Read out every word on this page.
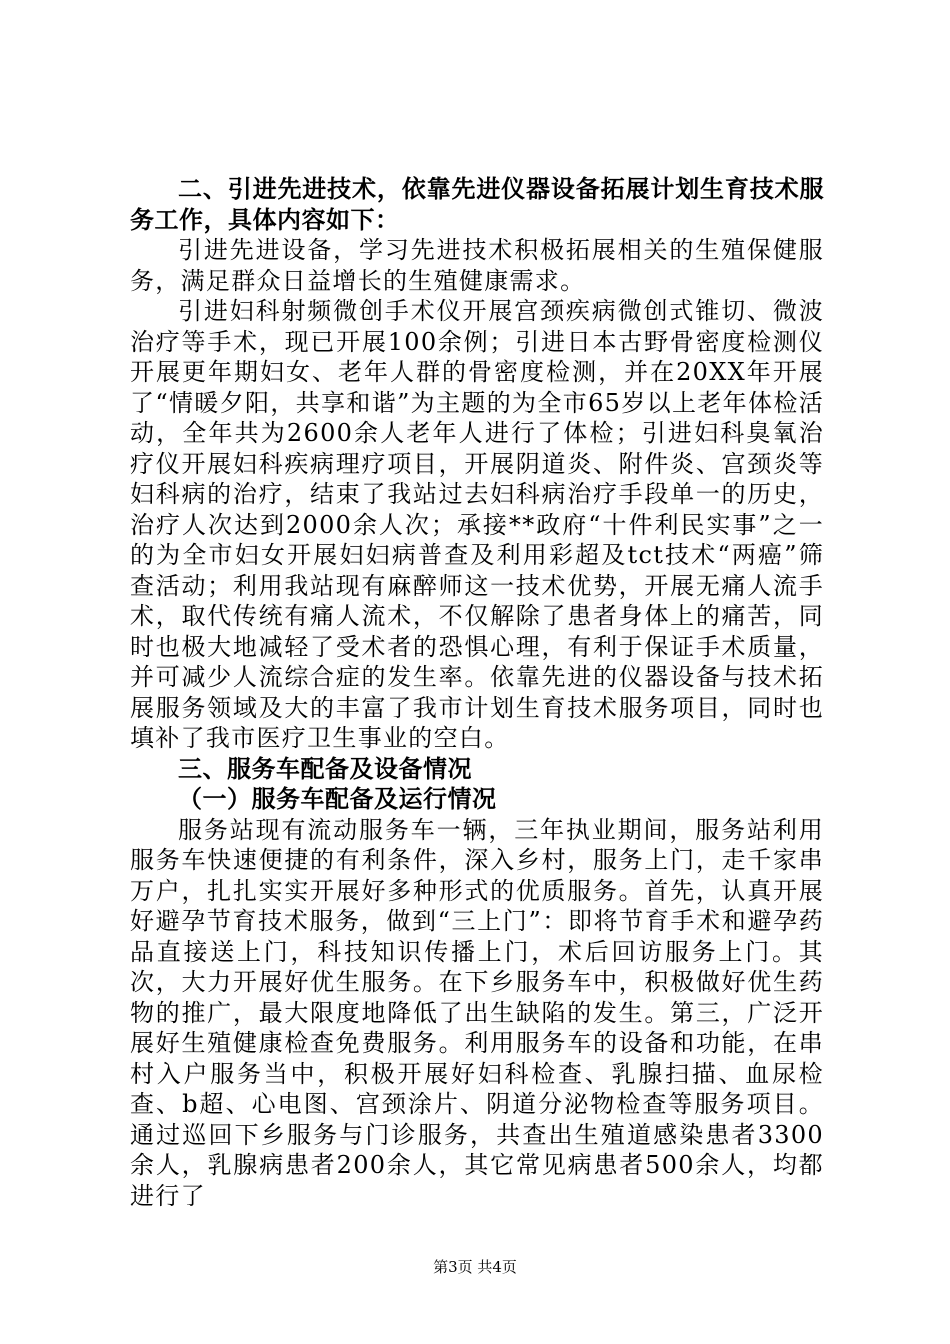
二、引进先进技术，依靠先进仪器设备拓展计划生育技术服务工作，具体内容如下：

引进先进设备，学习先进技术积极拓展相关的生殖保健服务，满足群众日益增长的生殖健康需求。

引进妇科射频微创手术仪开展宫颈疾病微创式锥切、微波治疗等手术，现已开展100余例；引进日本古野骨密度检测仪开展更年期妇女、老年人群的骨密度检测，并在20XX年开展了“情暖夕阳，共享和谐”为主题的为全市65岁以上老年体检活动，全年共为2600余人老年人进行了体检；引进妇科臭氧治疗仪开展妇科疾病理疗项目，开展阴道炎、附件炎、宫颈炎等妇科病的治疗，结束了我站过去妇科病治疗手段单一的历史，治疗人次达到2000余人次；承接**政府“十件利民实事”之一的为全市妇女开展妇妇病普查及利用彩超及tct技术“两癌”筛查活动；利用我站现有麻醉师这一技术优势，开展无痛人流手术，取代传统有痛人流术，不仅解除了患者身体上的痛苦，同时也极大地减轻了受术者的恐惧心理，有利于保证手术质量，并可减少人流综合症的发生率。依靠先进的仪器设备与技术拓展服务领域及大的丰富了我市计划生育技术服务项目，同时也填补了我市医疗卫生事业的空白。

三、服务车配备及设备情况

（一）服务车配备及运行情况

服务站现有流动服务车一辆，三年执业期间，服务站利用服务车快速便捷的有利条件，深入乡村，服务上门，走千家串万户，扎扎实实开展好多种形式的优质服务。首先，认真开展好避孕节育技术服务，做到“三上门”：即将节育手术和避孕药品直接送上门，科技知识传播上门，术后回访服务上门。其次，大力开展好优生服务。在下乡服务车中，积极做好优生药物的推广，最大限度地降低了出生缺陷的发生。第三，广泛开展好生殖健康检查免费服务。利用服务车的设备和功能，在串村入户服务当中，积极开展好妇科检查、乳腺扫描、血尿检查、b超、心电图、宫颈涂片、阴道分泌物检查等服务项目。通过巡回下乡服务与门诊服务，共查出生殖道感染患者3300余人，乳腺病患者200余人，其它常见病患者500余人，均都进行了

第3页 共4页
